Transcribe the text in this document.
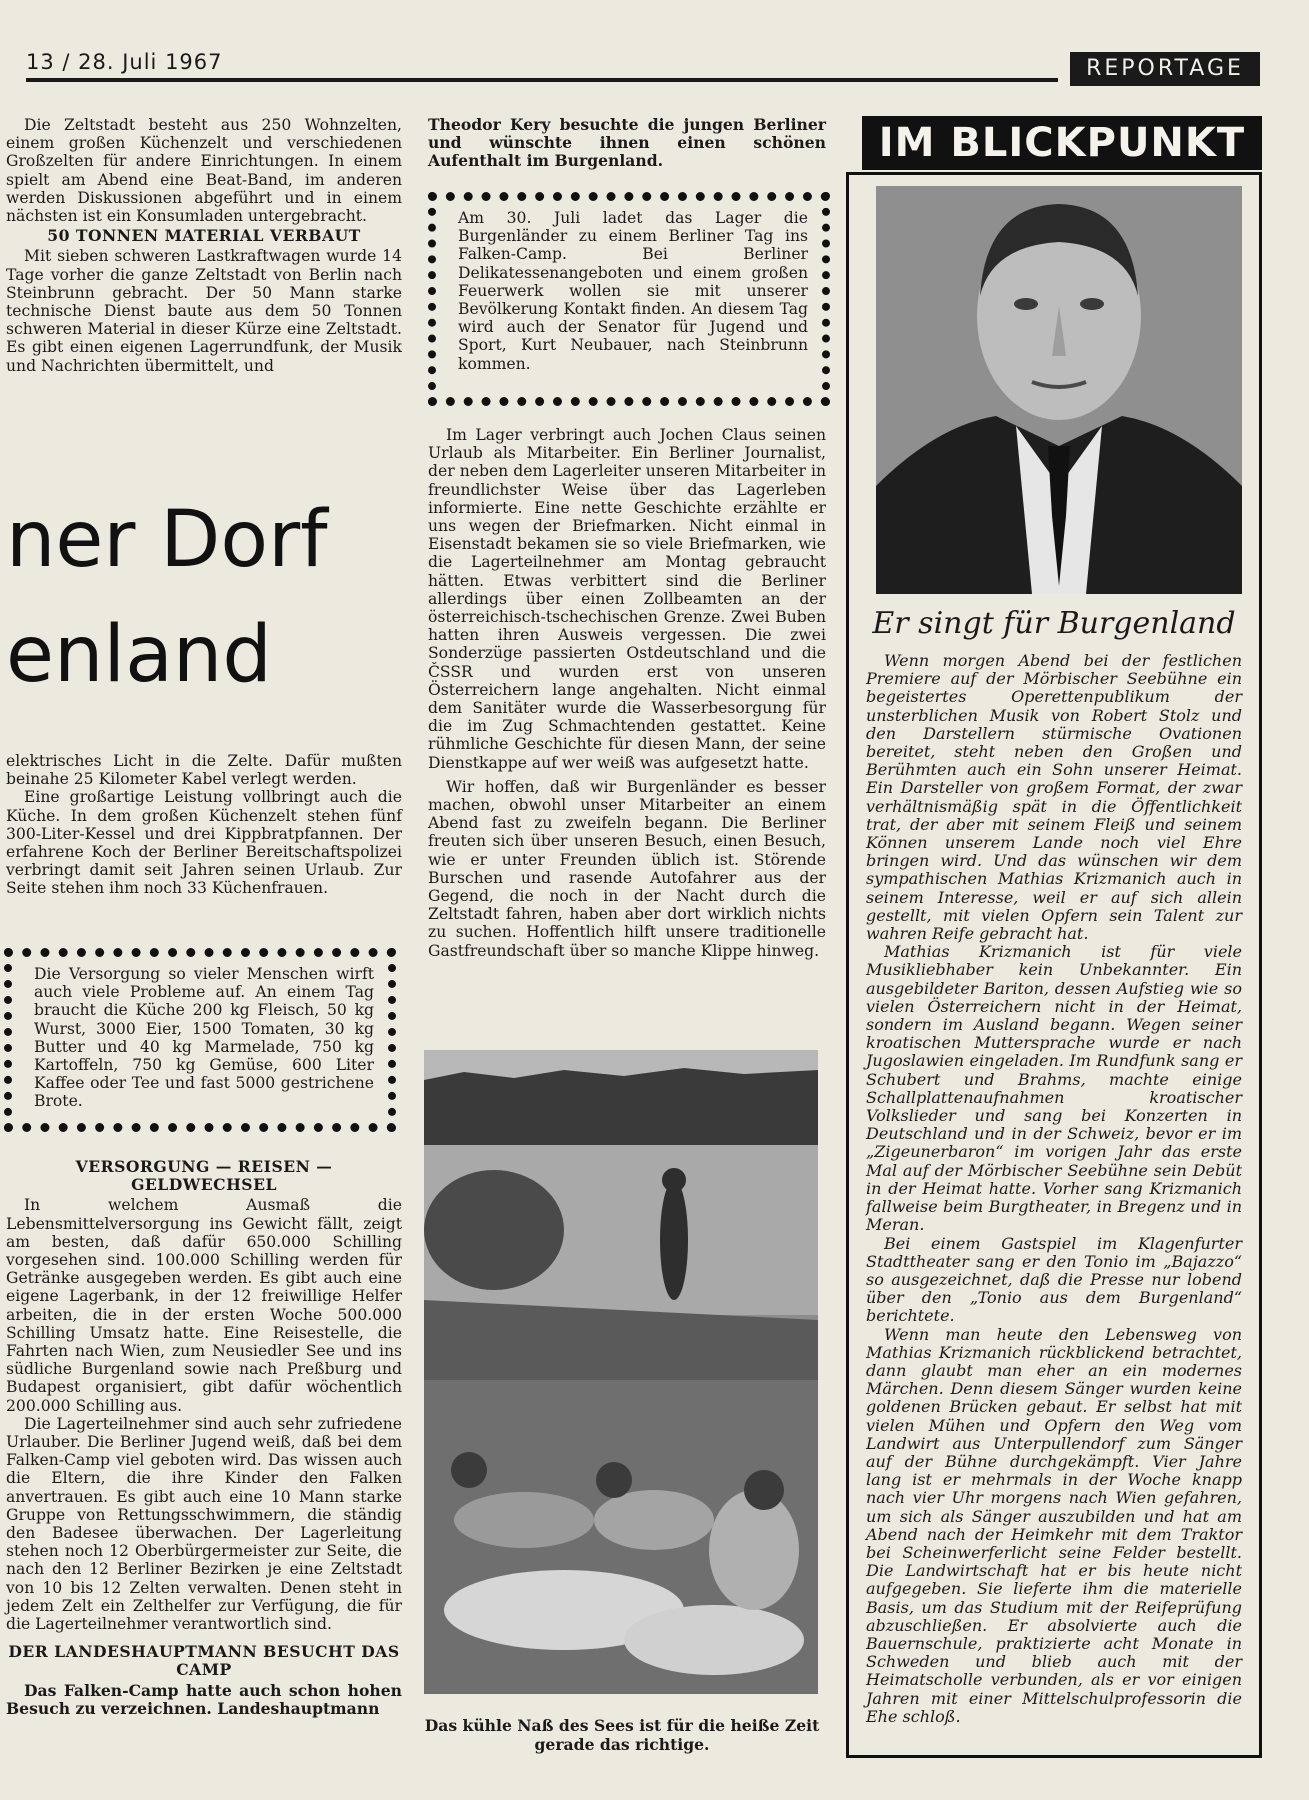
13 / 28. Juli 1967	REPORTAGE

Die Zeltstadt besteht aus 250 Wohnzelten, einem großen Küchenzelt und verschiedenen Großzelten für andere Einrichtungen. In einem spielt am Abend eine Beat-Band, im anderen werden Diskussionen abgeführt und in einem nächsten ist ein Konsumladen untergebracht.

50 TONNEN MATERIAL VERBAUT

Mit sieben schweren Lastkraftwagen wurde 14 Tage vorher die ganze Zeltstadt von Berlin nach Steinbrunn gebracht. Der 50 Mann starke technische Dienst baute aus dem 50 Tonnen schweren Material in dieser Kürze eine Zeltstadt. Es gibt einen eigenen Lagerrundfunk, der Musik und Nachrichten übermittelt, und

ner Dorf
enland

elektrisches Licht in die Zelte. Dafür mußten beinahe 25 Kilometer Kabel verlegt werden.

Eine großartige Leistung vollbringt auch die Küche. In dem großen Küchenzelt stehen fünf 300-Liter-Kessel und drei Kippbratpfannen. Der erfahrene Koch der Berliner Bereitschaftspolizei verbringt damit seit Jahren seinen Urlaub. Zur Seite stehen ihm noch 33 Küchenfrauen.

Die Versorgung so vieler Menschen wirft auch viele Probleme auf. An einem Tag braucht die Küche 200 kg Fleisch, 50 kg Wurst, 3000 Eier, 1500 Tomaten, 30 kg Butter und 40 kg Marmelade, 750 kg Kartoffeln, 750 kg Gemüse, 600 Liter Kaffee oder Tee und fast 5000 gestrichene Brote.

VERSORGUNG — REISEN — GELDWECHSEL

In welchem Ausmaß die Lebensmittelversorgung ins Gewicht fällt, zeigt am besten, daß dafür 650.000 Schilling vorgesehen sind. 100.000 Schilling werden für Getränke ausgegeben werden. Es gibt auch eine eigene Lagerbank, in der 12 freiwillige Helfer arbeiten, die in der ersten Woche 500.000 Schilling Umsatz hatte. Eine Reisestelle, die Fahrten nach Wien, zum Neusiedler See und ins südliche Burgenland sowie nach Preßburg und Budapest organisiert, gibt dafür wöchentlich 200.000 Schilling aus.

Die Lagerteilnehmer sind auch sehr zufriedene Urlauber. Die Berliner Jugend weiß, daß bei dem Falken-Camp viel geboten wird. Das wissen auch die Eltern, die ihre Kinder den Falken anvertrauen. Es gibt auch eine 10 Mann starke Gruppe von Rettungsschwimmern, die ständig den Badesee überwachen. Der Lagerleitung stehen noch 12 Oberbürgermeister zur Seite, die nach den 12 Berliner Bezirken je eine Zeltstadt von 10 bis 12 Zelten verwalten. Denen steht in jedem Zelt ein Zelthelfer zur Verfügung, die für die Lagerteilnehmer verantwortlich sind.

DER LANDESHAUPTMANN BESUCHT DAS CAMP

Das Falken-Camp hatte auch schon hohen Besuch zu verzeichnen. Landeshauptmann

Theodor Kery besuchte die jungen Berliner und wünschte ihnen einen schönen Aufenthalt im Burgenland.

Am 30. Juli ladet das Lager die Burgenländer zu einem Berliner Tag ins Falken-Camp. Bei Berliner Delikatessenangeboten und einem großen Feuerwerk wollen sie mit unserer Bevölkerung Kontakt finden. An diesem Tag wird auch der Senator für Jugend und Sport, Kurt Neubauer, nach Steinbrunn kommen.

Im Lager verbringt auch Jochen Claus seinen Urlaub als Mitarbeiter. Ein Berliner Journalist, der neben dem Lagerleiter unseren Mitarbeiter in freundlichster Weise über das Lagerleben informierte. Eine nette Geschichte erzählte er uns wegen der Briefmarken. Nicht einmal in Eisenstadt bekamen sie so viele Briefmarken, wie die Lagerteilnehmer am Montag gebraucht hätten. Etwas verbittert sind die Berliner allerdings über einen Zollbeamten an der österreichisch-tschechischen Grenze. Zwei Buben hatten ihren Ausweis vergessen. Die zwei Sonderzüge passierten Ostdeutschland und die ČSSR und wurden erst von unseren Österreichern lange angehalten. Nicht einmal dem Sanitäter wurde die Wasserbesorgung für die im Zug Schmachtenden gestattet. Keine rühmliche Geschichte für diesen Mann, der seine Dienstkappe auf wer weiß was aufgesetzt hatte.

Wir hoffen, daß wir Burgenländer es besser machen, obwohl unser Mitarbeiter an einem Abend fast zu zweifeln begann. Die Berliner freuten sich über unseren Besuch, einen Besuch, wie er unter Freunden üblich ist. Störende Burschen und rasende Autofahrer aus der Gegend, die noch in der Nacht durch die Zeltstadt fahren, haben aber dort wirklich nichts zu suchen. Hoffentlich hilft unsere traditionelle Gastfreundschaft über so manche Klippe hinweg.

Das kühle Naß des Sees ist für die heiße Zeit gerade das richtige.
IM BLICKPUNKT
Er singt für Burgenland

Wenn morgen Abend bei der festlichen Premiere auf der Mörbischer Seebühne ein begeistertes Operettenpublikum der unsterblichen Musik von Robert Stolz und den Darstellern stürmische Ovationen bereitet, steht neben den Großen und Berühmten auch ein Sohn unserer Heimat. Ein Darsteller von großem Format, der zwar verhältnismäßig spät in die Öffentlichkeit trat, der aber mit seinem Fleiß und seinem Können unserem Lande noch viel Ehre bringen wird. Und das wünschen wir dem sympathischen Mathias Krizmanich auch in seinem Interesse, weil er auf sich allein gestellt, mit vielen Opfern sein Talent zur wahren Reife gebracht hat.

Mathias Krizmanich ist für viele Musikliebhaber kein Unbekannter. Ein ausgebildeter Bariton, dessen Aufstieg wie so vielen Österreichern nicht in der Heimat, sondern im Ausland begann. Wegen seiner kroatischen Muttersprache wurde er nach Jugoslawien eingeladen. Im Rundfunk sang er Schubert und Brahms, machte einige Schallplattenaufnahmen kroatischer Volkslieder und sang bei Konzerten in Deutschland und in der Schweiz, bevor er im „Zigeunerbaron“ im vorigen Jahr das erste Mal auf der Mörbischer Seebühne sein Debüt in der Heimat hatte. Vorher sang Krizmanich fallweise beim Burgtheater, in Bregenz und in Meran.

Bei einem Gastspiel im Klagenfurter Stadttheater sang er den Tonio im „Bajazzo“ so ausgezeichnet, daß die Presse nur lobend über den „Tonio aus dem Burgenland“ berichtete.

Wenn man heute den Lebensweg von Mathias Krizmanich rückblickend betrachtet, dann glaubt man eher an ein modernes Märchen. Denn diesem Sänger wurden keine goldenen Brücken gebaut. Er selbst hat mit vielen Mühen und Opfern den Weg vom Landwirt aus Unterpullendorf zum Sänger auf der Bühne durchgekämpft. Vier Jahre lang ist er mehrmals in der Woche knapp nach vier Uhr morgens nach Wien gefahren, um sich als Sänger auszubilden und hat am Abend nach der Heimkehr mit dem Traktor bei Scheinwerferlicht seine Felder bestellt. Die Landwirtschaft hat er bis heute nicht aufgegeben. Sie lieferte ihm die materielle Basis, um das Studium mit der Reifeprüfung abzuschließen. Er absolvierte auch die Bauernschule, praktizierte acht Monate in Schweden und blieb auch mit der Heimatscholle verbunden, als er vor einigen Jahren mit einer Mittelschulprofessorin die Ehe schloß.
